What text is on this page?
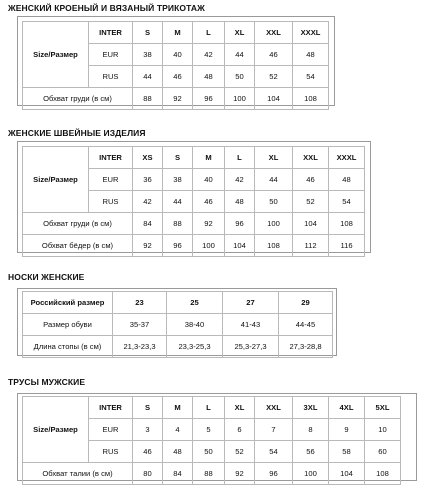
ЖЕНСКИЙ КРОЕНЫЙ И ВЯЗАНЫЙ ТРИКОТАЖ
Size/Размер	INTER	S	M	L	XL	XXL	XXXL
	EUR	38	40	42	44	46	48
	RUS	44	46	48	50	52	54
Обхват груди (в см)		88	92	96	100	104	108
ЖЕНСКИЕ ШВЕЙНЫЕ ИЗДЕЛИЯ
Size/Размер	INTER	XS	S	M	L	XL	XXL	XXXL
	EUR	36	38	40	42	44	46	48
	RUS	42	44	46	48	50	52	54
Обхват груди (в см)		84	88	92	96	100	104	108
Обхват бёдер (в см)		92	96	100	104	108	112	116
НОСКИ ЖЕНСКИЕ
Российский размер	23	25	27	29
Размер обуви	35-37	38-40	41-43	44-45
Длина стопы (в см)	21,3-23,3	23,3-25,3	25,3-27,3	27,3-28,8
ТРУСЫ МУЖСКИЕ
Size/Размер	INTER	S	M	L	XL	XXL	3XL	4XL	5XL
	EUR	3	4	5	6	7	8	9	10
	RUS	46	48	50	52	54	56	58	60
Обхват талии (в см)		80	84	88	92	96	100	104	108
